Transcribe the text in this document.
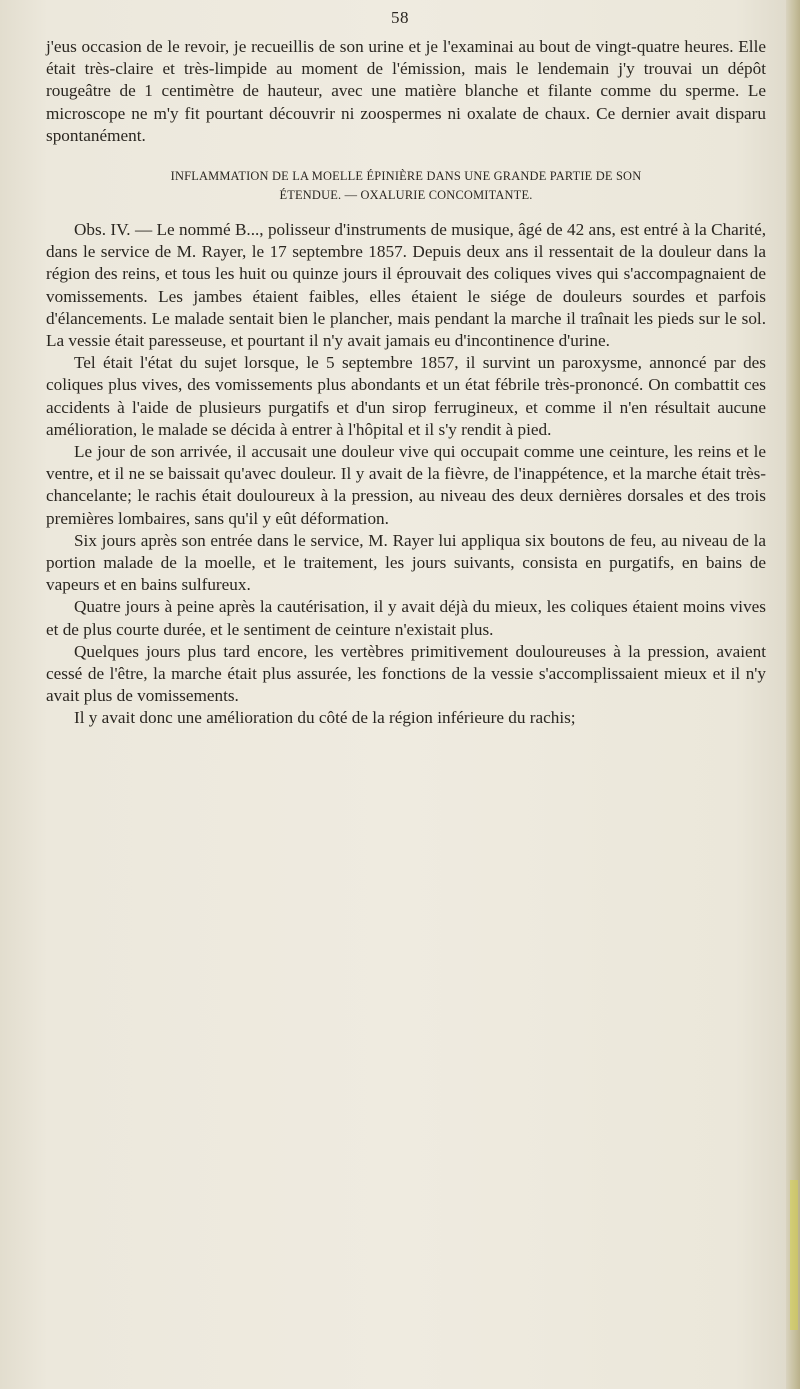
58

j'eus occasion de le revoir, je recueillis de son urine et je l'examinai au bout de vingt-quatre heures. Elle était très-claire et très-limpide au moment de l'émission, mais le lendemain j'y trouvai un dépôt rougeâtre de 1 centimètre de hauteur, avec une matière blanche et filante comme du sperme. Le microscope ne m'y fit pourtant découvrir ni zoospermes ni oxalate de chaux. Ce dernier avait disparu spontanément.

INFLAMMATION DE LA MOELLE ÉPINIÈRE DANS UNE GRANDE PARTIE DE SON
ÉTENDUE. — OXALURIE CONCOMITANTE.

Obs. IV. — Le nommé B..., polisseur d'instruments de musique, âgé de 42 ans, est entré à la Charité, dans le service de M. Rayer, le 17 septembre 1857. Depuis deux ans il ressentait de la douleur dans la région des reins, et tous les huit ou quinze jours il éprouvait des coliques vives qui s'accompagnaient de vomissements. Les jambes étaient faibles, elles étaient le siége de douleurs sourdes et parfois d'élancements. Le malade sentait bien le plancher, mais pendant la marche il traînait les pieds sur le sol. La vessie était paresseuse, et pourtant il n'y avait jamais eu d'incontinence d'urine.

Tel était l'état du sujet lorsque, le 5 septembre 1857, il survint un paroxysme, annoncé par des coliques plus vives, des vomissements plus abondants et un état fébrile très-prononcé. On combattit ces accidents à l'aide de plusieurs purgatifs et d'un sirop ferrugineux, et comme il n'en résultait aucune amélioration, le malade se décida à entrer à l'hôpital et il s'y rendit à pied.

Le jour de son arrivée, il accusait une douleur vive qui occupait comme une ceinture, les reins et le ventre, et il ne se baissait qu'avec douleur. Il y avait de la fièvre, de l'inappétence, et la marche était très-chancelante; le rachis était douloureux à la pression, au niveau des deux dernières dorsales et des trois premières lombaires, sans qu'il y eût déformation.

Six jours après son entrée dans le service, M. Rayer lui appliqua six boutons de feu, au niveau de la portion malade de la moelle, et le traitement, les jours suivants, consista en purgatifs, en bains de vapeurs et en bains sulfureux.

Quatre jours à peine après la cautérisation, il y avait déjà du mieux, les coliques étaient moins vives et de plus courte durée, et le sentiment de ceinture n'existait plus.

Quelques jours plus tard encore, les vertèbres primitivement douloureuses à la pression, avaient cessé de l'être, la marche était plus assurée, les fonctions de la vessie s'accomplissaient mieux et il n'y avait plus de vomissements.

Il y avait donc une amélioration du côté de la région inférieure du rachis;
